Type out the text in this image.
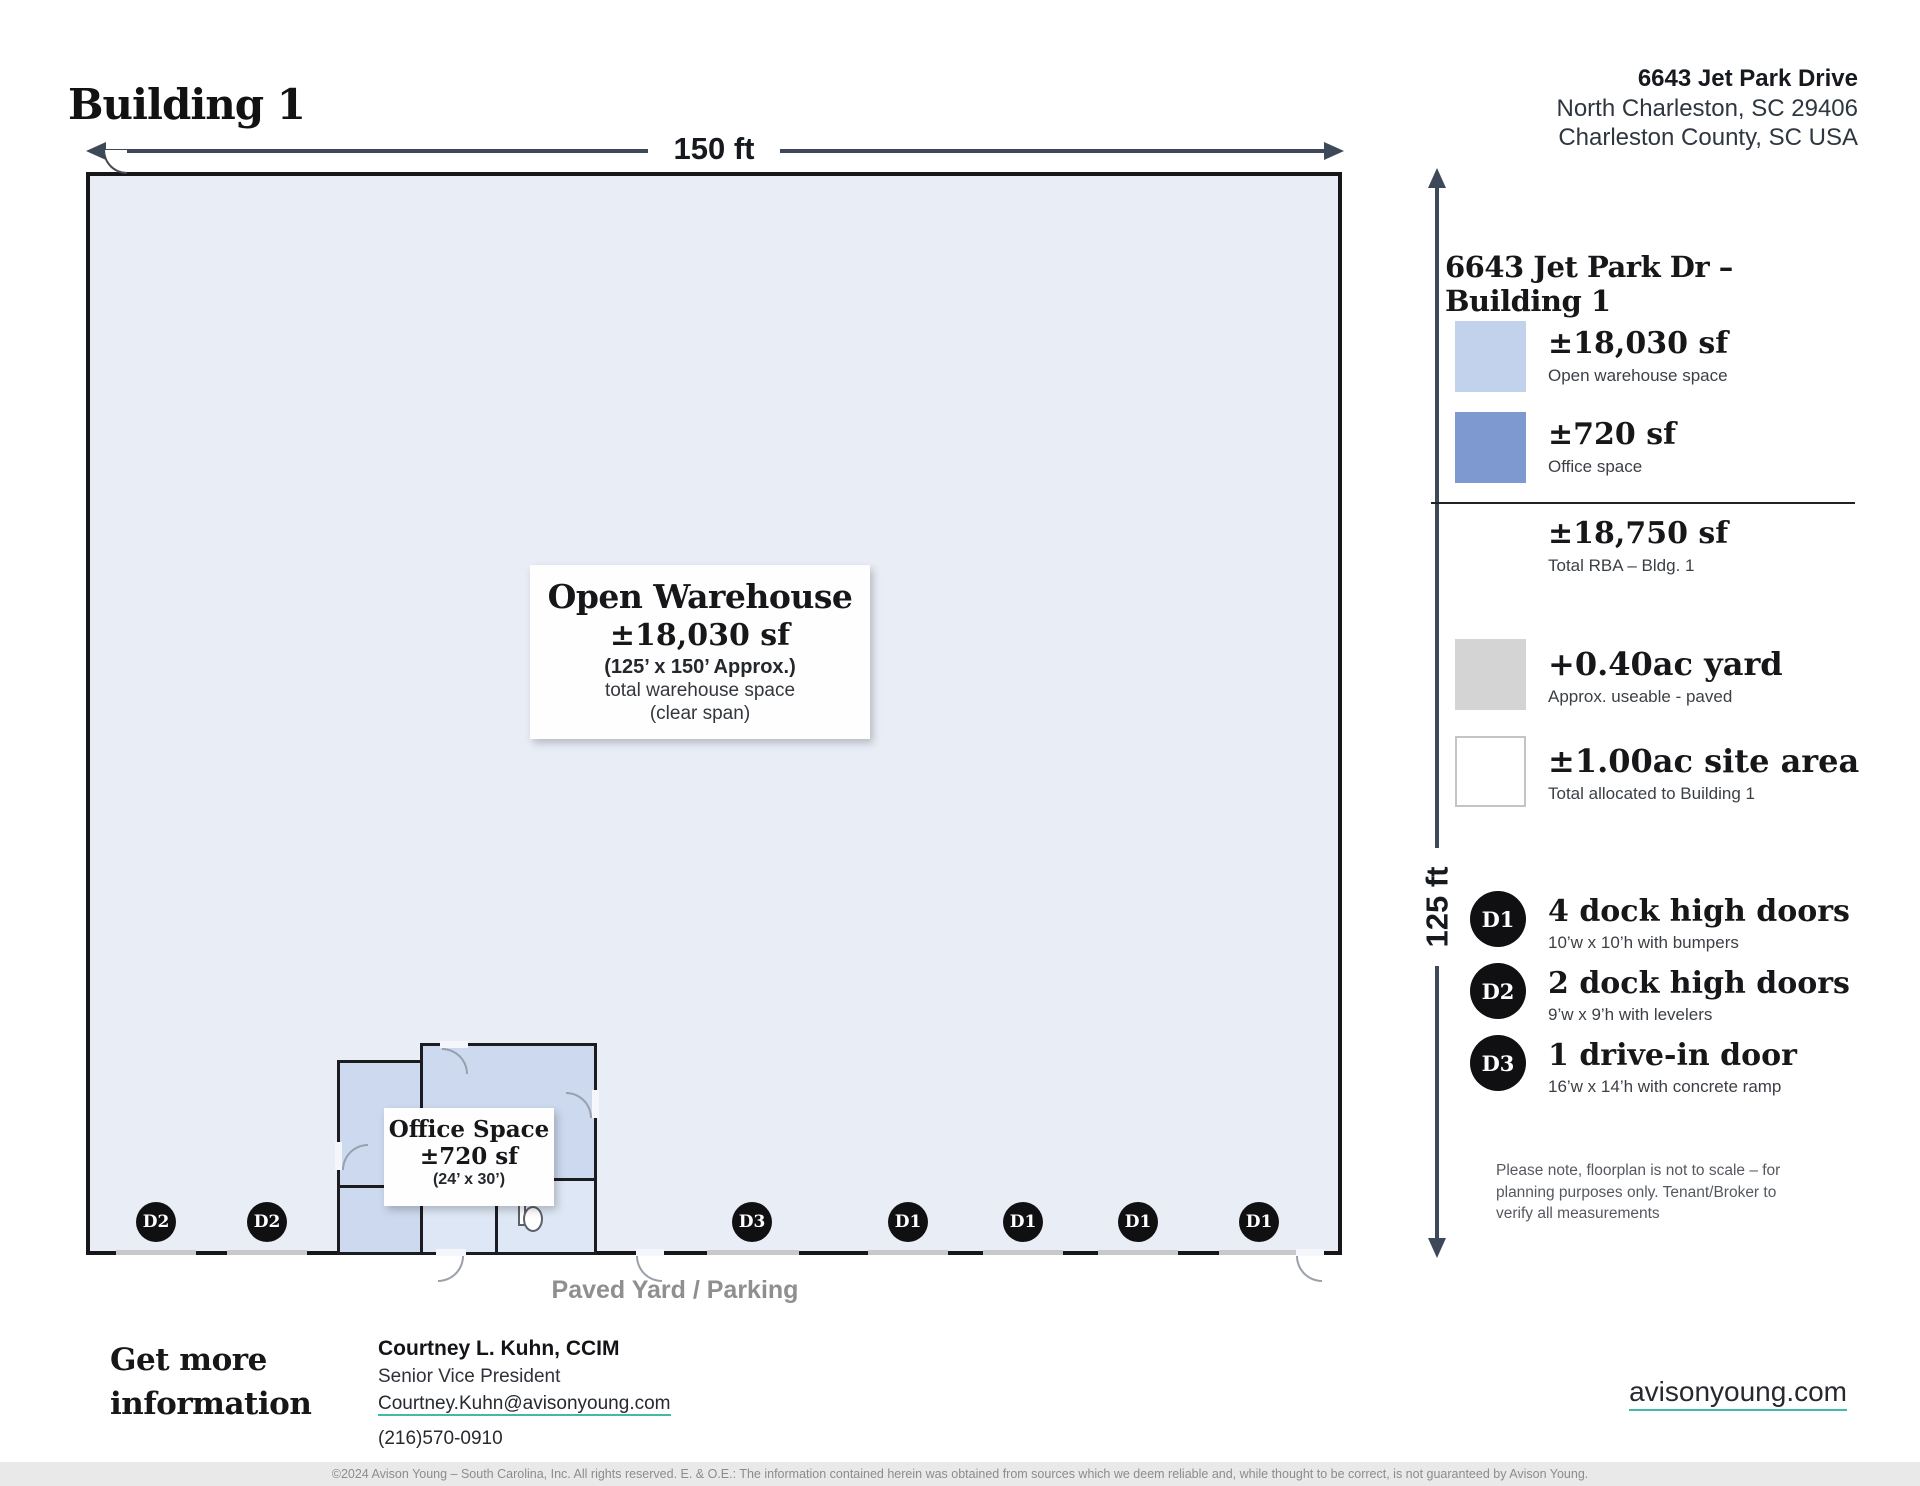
Building 1
6643 Jet Park Drive
North Charleston, SC 29406
Charleston County, SC USA
150 ft
125 ft
Office Space
±720 sf
(24’ x 30’)
Open Warehouse
±18,030 sf
(125’ x 150’ Approx.)
total warehouse space
(clear span)
D2	D2	D3	D1	D1	D1	D1
Paved Yard / Parking
6643 Jet Park Dr – Building 1
±18,030 sf
Open warehouse space
±720 sf
Office space
±18,750 sf
Total RBA – Bldg. 1
+0.40ac yard
Approx. useable - paved
±1.00ac site area
Total allocated to Building 1
D1	4 dock high doors
10’w x 10’h with bumpers
D2	2 dock high doors
9’w x 9’h with levelers
D3	1 drive-in door
16’w x 14’h with concrete ramp
Please note, floorplan is not to scale – for planning purposes only. Tenant/Broker to verify all measurements
Get more information
Courtney L. Kuhn, CCIM
Senior Vice President
Courtney.Kuhn@avisonyoung.com
(216)570-0910
avisonyoung.com
©2024 Avison Young – South Carolina, Inc. All rights reserved. E. & O.E.: The information contained herein was obtained from sources which we deem reliable and, while thought to be correct, is not guaranteed by Avison Young.
